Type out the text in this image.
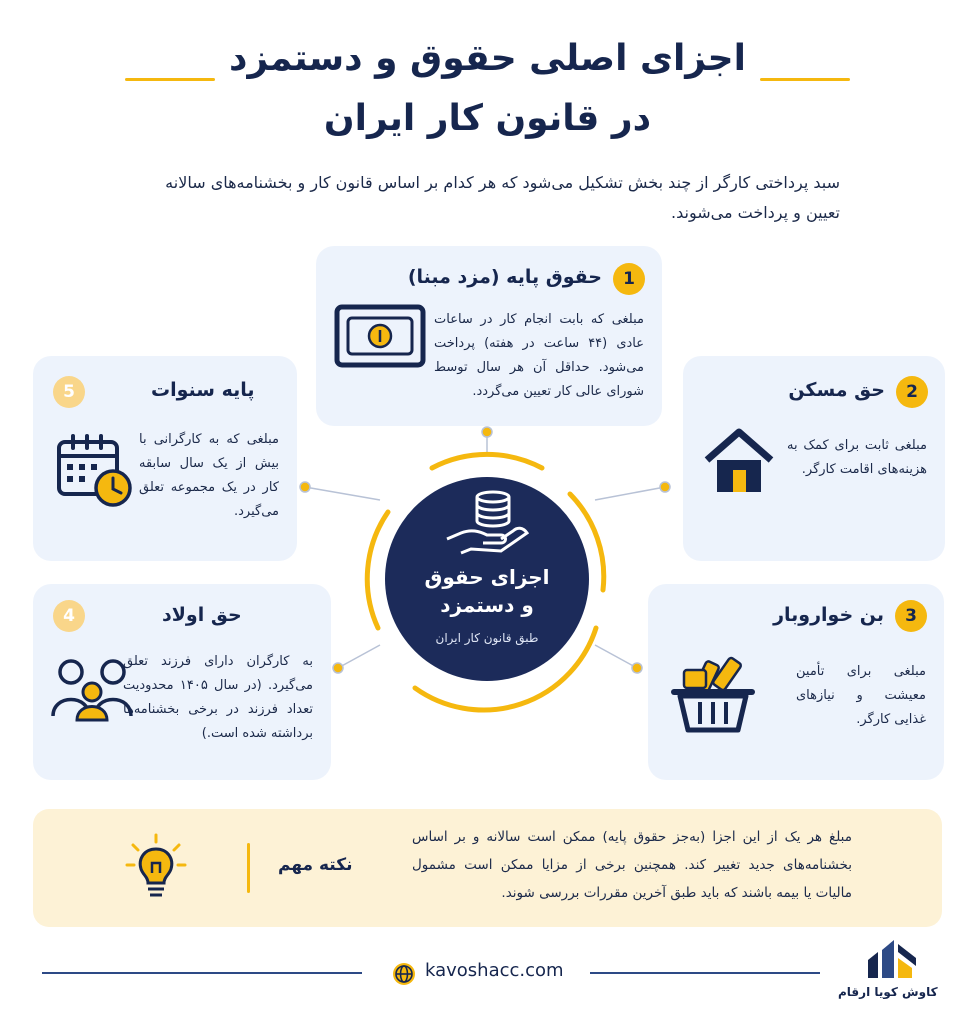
اجزای اصلی حقوق و دستمزد
در قانون کار ایران

سبد پرداختی کارگر از چند بخش تشکیل می‌شود که هر کدام بر اساس قانون کار و بخشنامه‌های سالانه تعیین و پرداخت می‌شوند.

1
حقوق پایه (مزد مبنا)
مبلغی که بابت انجام کار در ساعات عادی (۴۴ ساعت در هفته) پرداخت می‌شود. حداقل آن هر سال توسط شورای عالی کار تعیین می‌گردد.	2
حق مسکن
مبلغی ثابت برای کمک به هزینه‌های اقامت کارگر.
3
بن خواروبار
مبلغی برای تأمین معیشت و نیازهای غذایی کارگر.
4	حق اولاد
به کارگران دارای فرزند تعلق می‌گیرد. (در سال ۱۴۰۵ محدودیت تعداد فرزند در برخی بخشنامه‌ها برداشته شده است.)
5	پایه سنوات
مبلغی که به کارگرانی با بیش از یک سال سابقه کار در یک مجموعه تعلق می‌گیرد.
اجزای حقوق
و دستمزد
طبق قانون کار ایران
مبلغ هر یک از این اجزا (به‌جز حقوق پایه) ممکن است سالانه و بر اساس بخشنامه‌های جدید تغییر کند. همچنین برخی از مزایا ممکن است مشمول مالیات یا بیمه باشند که باید طبق آخرین مقررات بررسی شوند.
نکته مهم
kavoshacc.com
کاوش کویا ارقام
